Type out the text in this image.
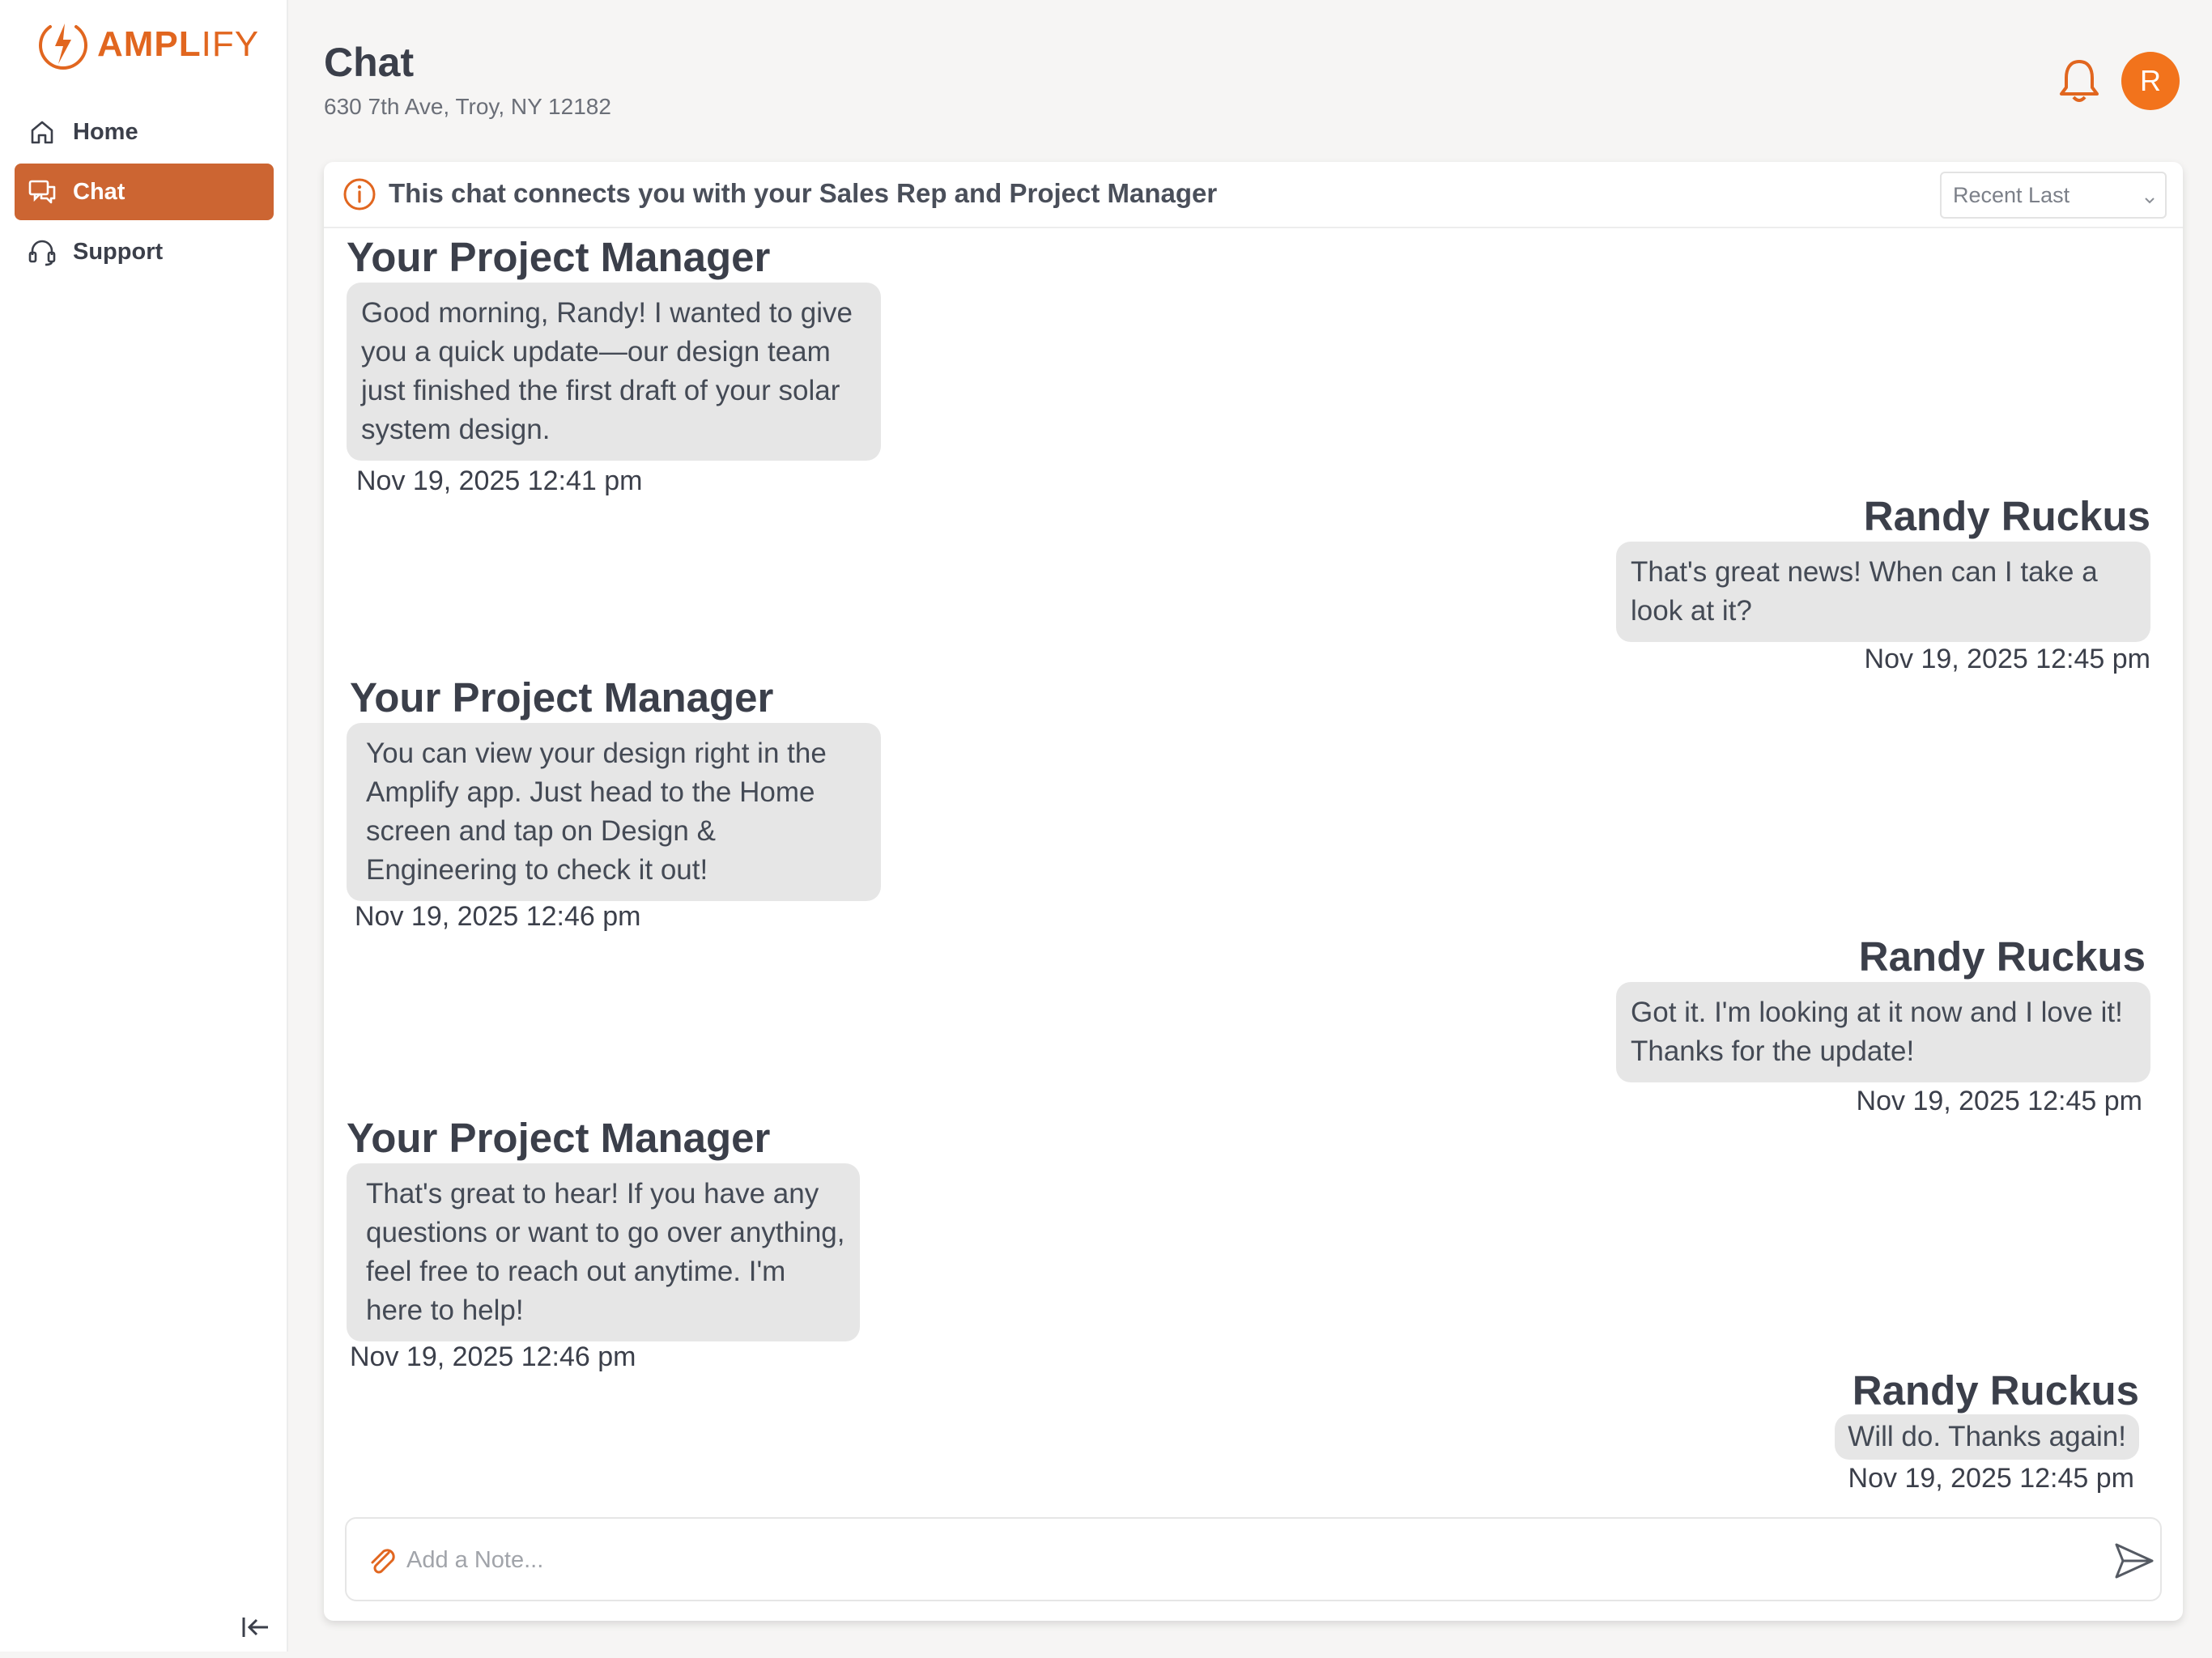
AMPLIFY
Home
Chat
Support
Chat
630 7th Ave, Troy, NY 12182
R
This chat connects you with your Sales Rep and Project Manager	Recent Last
Your Project Manager
Good morning, Randy! I wanted to give you a quick update—our design team just finished the first draft of your solar system design.
Nov 19, 2025 12:41 pm
Randy Ruckus
That's great news! When can I take a look at it?
Nov 19, 2025 12:45 pm
Your Project Manager
You can view your design right in the Amplify app. Just head to the Home screen and tap on Design & Engineering to check it out!
Nov 19, 2025 12:46 pm
Randy Ruckus
Got it. I'm looking at it now and I love it! Thanks for the update!
Nov 19, 2025 12:45 pm
Your Project Manager
That's great to hear! If you have any questions or want to go over anything, feel free to reach out anytime. I'm here to help!
Nov 19, 2025 12:46 pm
Randy Ruckus
Will do. Thanks again!
Nov 19, 2025 12:45 pm
Add a Note...
